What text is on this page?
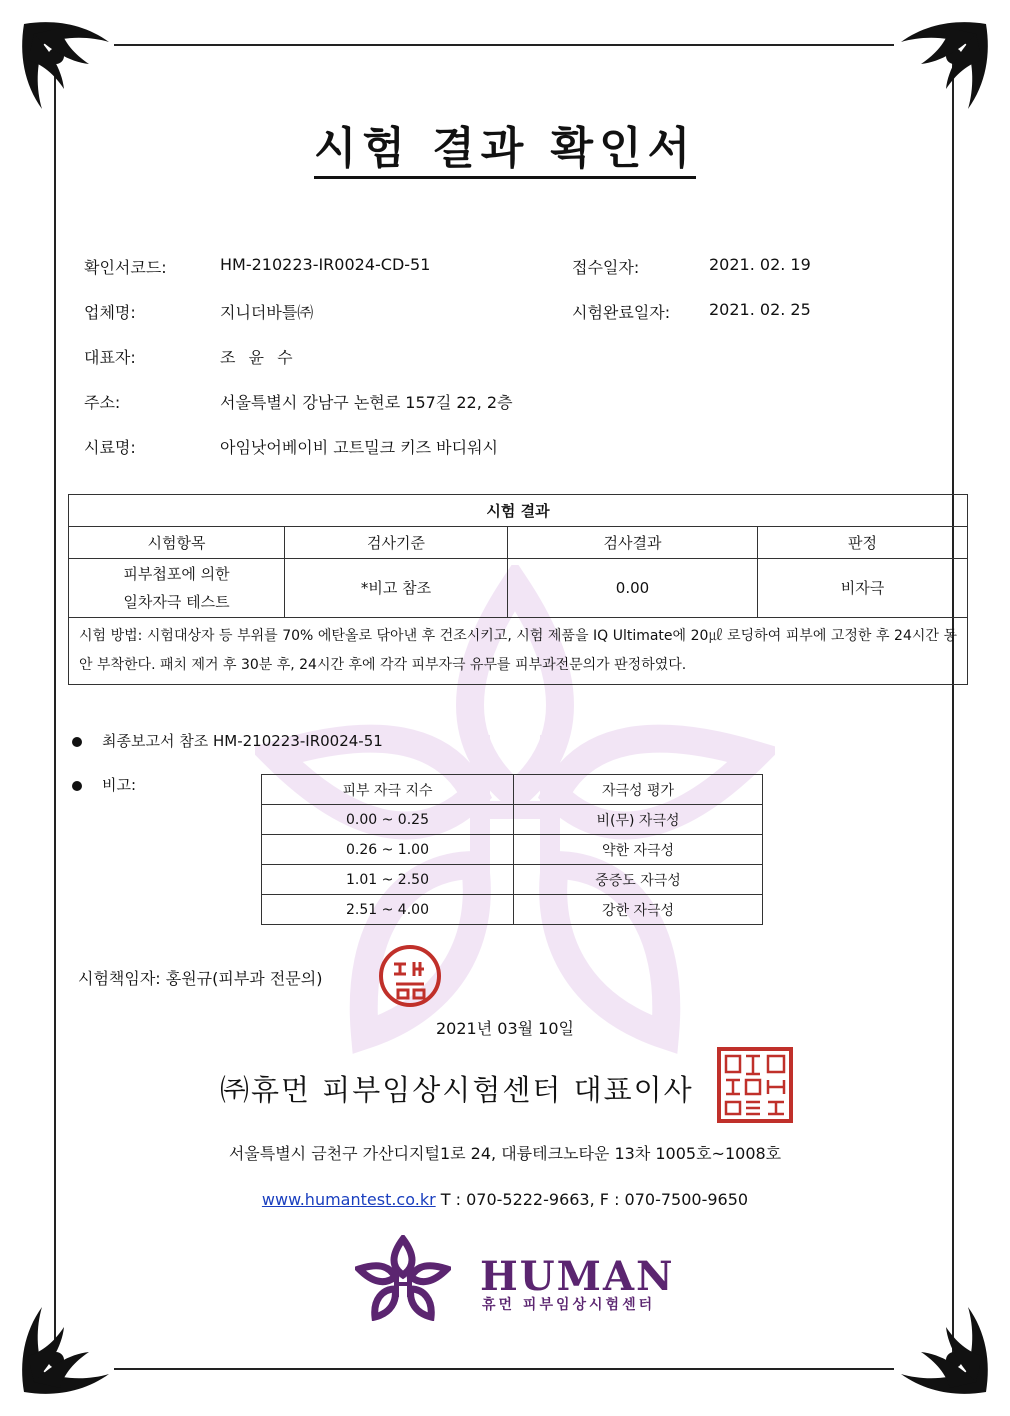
시험 결과 확인서
확인서코드:	HM-210223-IR0024-CD-51	접수일자:	2021. 02. 19
업체명:	지니더바틀㈜	시험완료일자: 2021. 02. 25
대표자:	조 윤 수
주소:	서울특별시 강남구 논현로 157길 22, 2층
시료명:	아임낫어베이비 고트밀크 키즈 바디워시
시험 결과			
시험항목	검사기준	검사결과	판정

피부첩포에 의한
일차자극 테스트	*비고 참조	0.00	비자극
시험 방법: 시험대상자 등 부위를 70% 에탄올로 닦아낸 후 건조시키고, 시험 제품을 IQ Ultimate에 20㎕ 로딩하여 피부에 고정한 후 24시간 동안 부착한다. 패치 제거 후 30분 후, 24시간 후에 각각 피부자극 유무를 피부과전문의가 판정하였다.			
최종보고서 참조 HM-210223-IR0024-51
비고:	피부 자극 지수	자극성 평가
0.00 ~ 0.25	비(무) 자극성
0.26 ~ 1.00	약한 자극성
1.01 ~ 2.50	중증도 자극성
2.51 ~ 4.00	강한 자극성
시험책임자: 홍원규(피부과 전문의)
2021년 03월 10일
㈜휴먼 피부임상시험센터 대표이사
서울특별시 금천구 가산디지털1로 24, 대륭테크노타운 13차 1005호~1008호
www.humantest.co.kr T : 070-5222-9663, F : 070-7500-9650
HUMAN
휴먼 피부임상시험센터
